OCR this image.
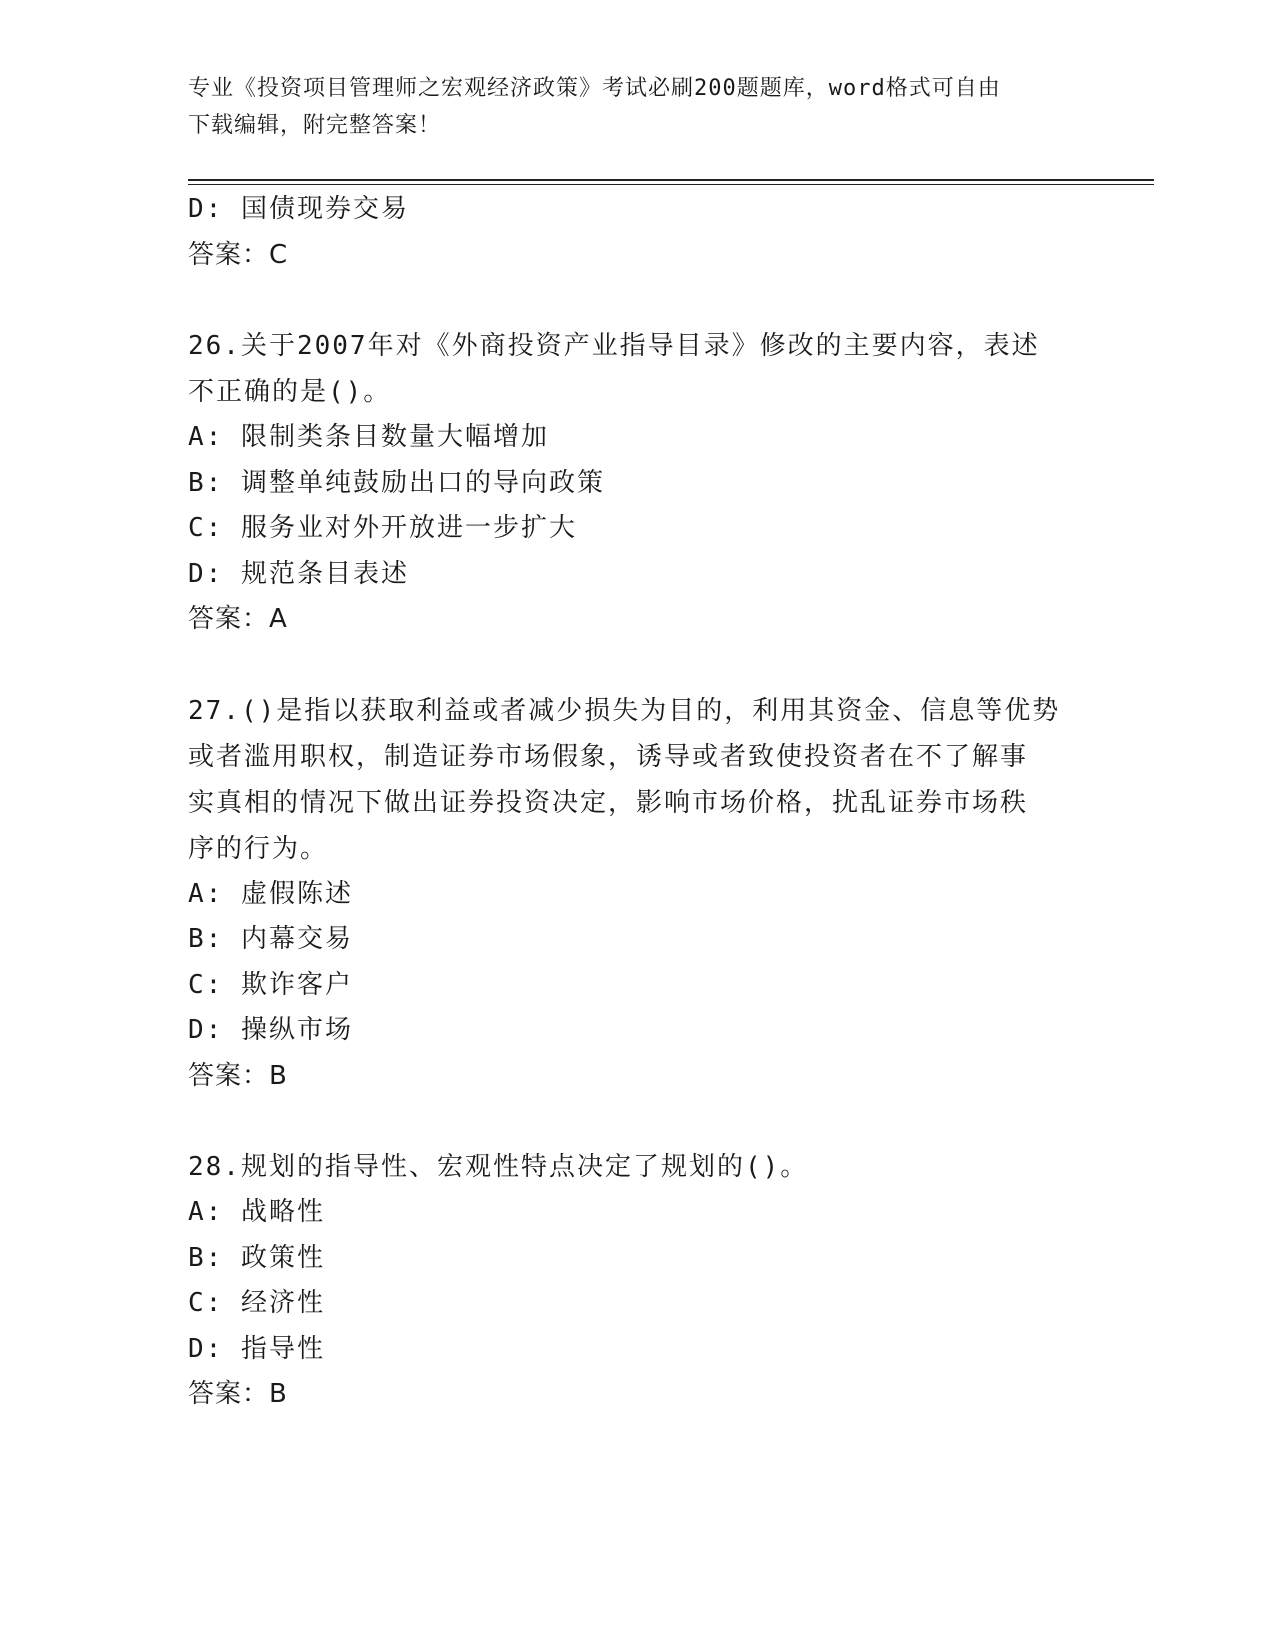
专业《投资项目管理师之宏观经济政策》考试必刷200题题库，word格式可自由
下载编辑，附完整答案！
D: 国债现券交易
答案：C
26.关于2007年对《外商投资产业指导目录》修改的主要内容，表述
不正确的是()。
A: 限制类条目数量大幅增加
B: 调整单纯鼓励出口的导向政策
C: 服务业对外开放进一步扩大
D: 规范条目表述
答案：A
27.()是指以获取利益或者减少损失为目的，利用其资金、信息等优势
或者滥用职权，制造证券市场假象，诱导或者致使投资者在不了解事
实真相的情况下做出证券投资决定，影响市场价格，扰乱证券市场秩
序的行为。
A: 虚假陈述
B: 内幕交易
C: 欺诈客户
D: 操纵市场
答案：B
28.规划的指导性、宏观性特点决定了规划的()。
A: 战略性
B: 政策性
C: 经济性
D: 指导性
答案：B
